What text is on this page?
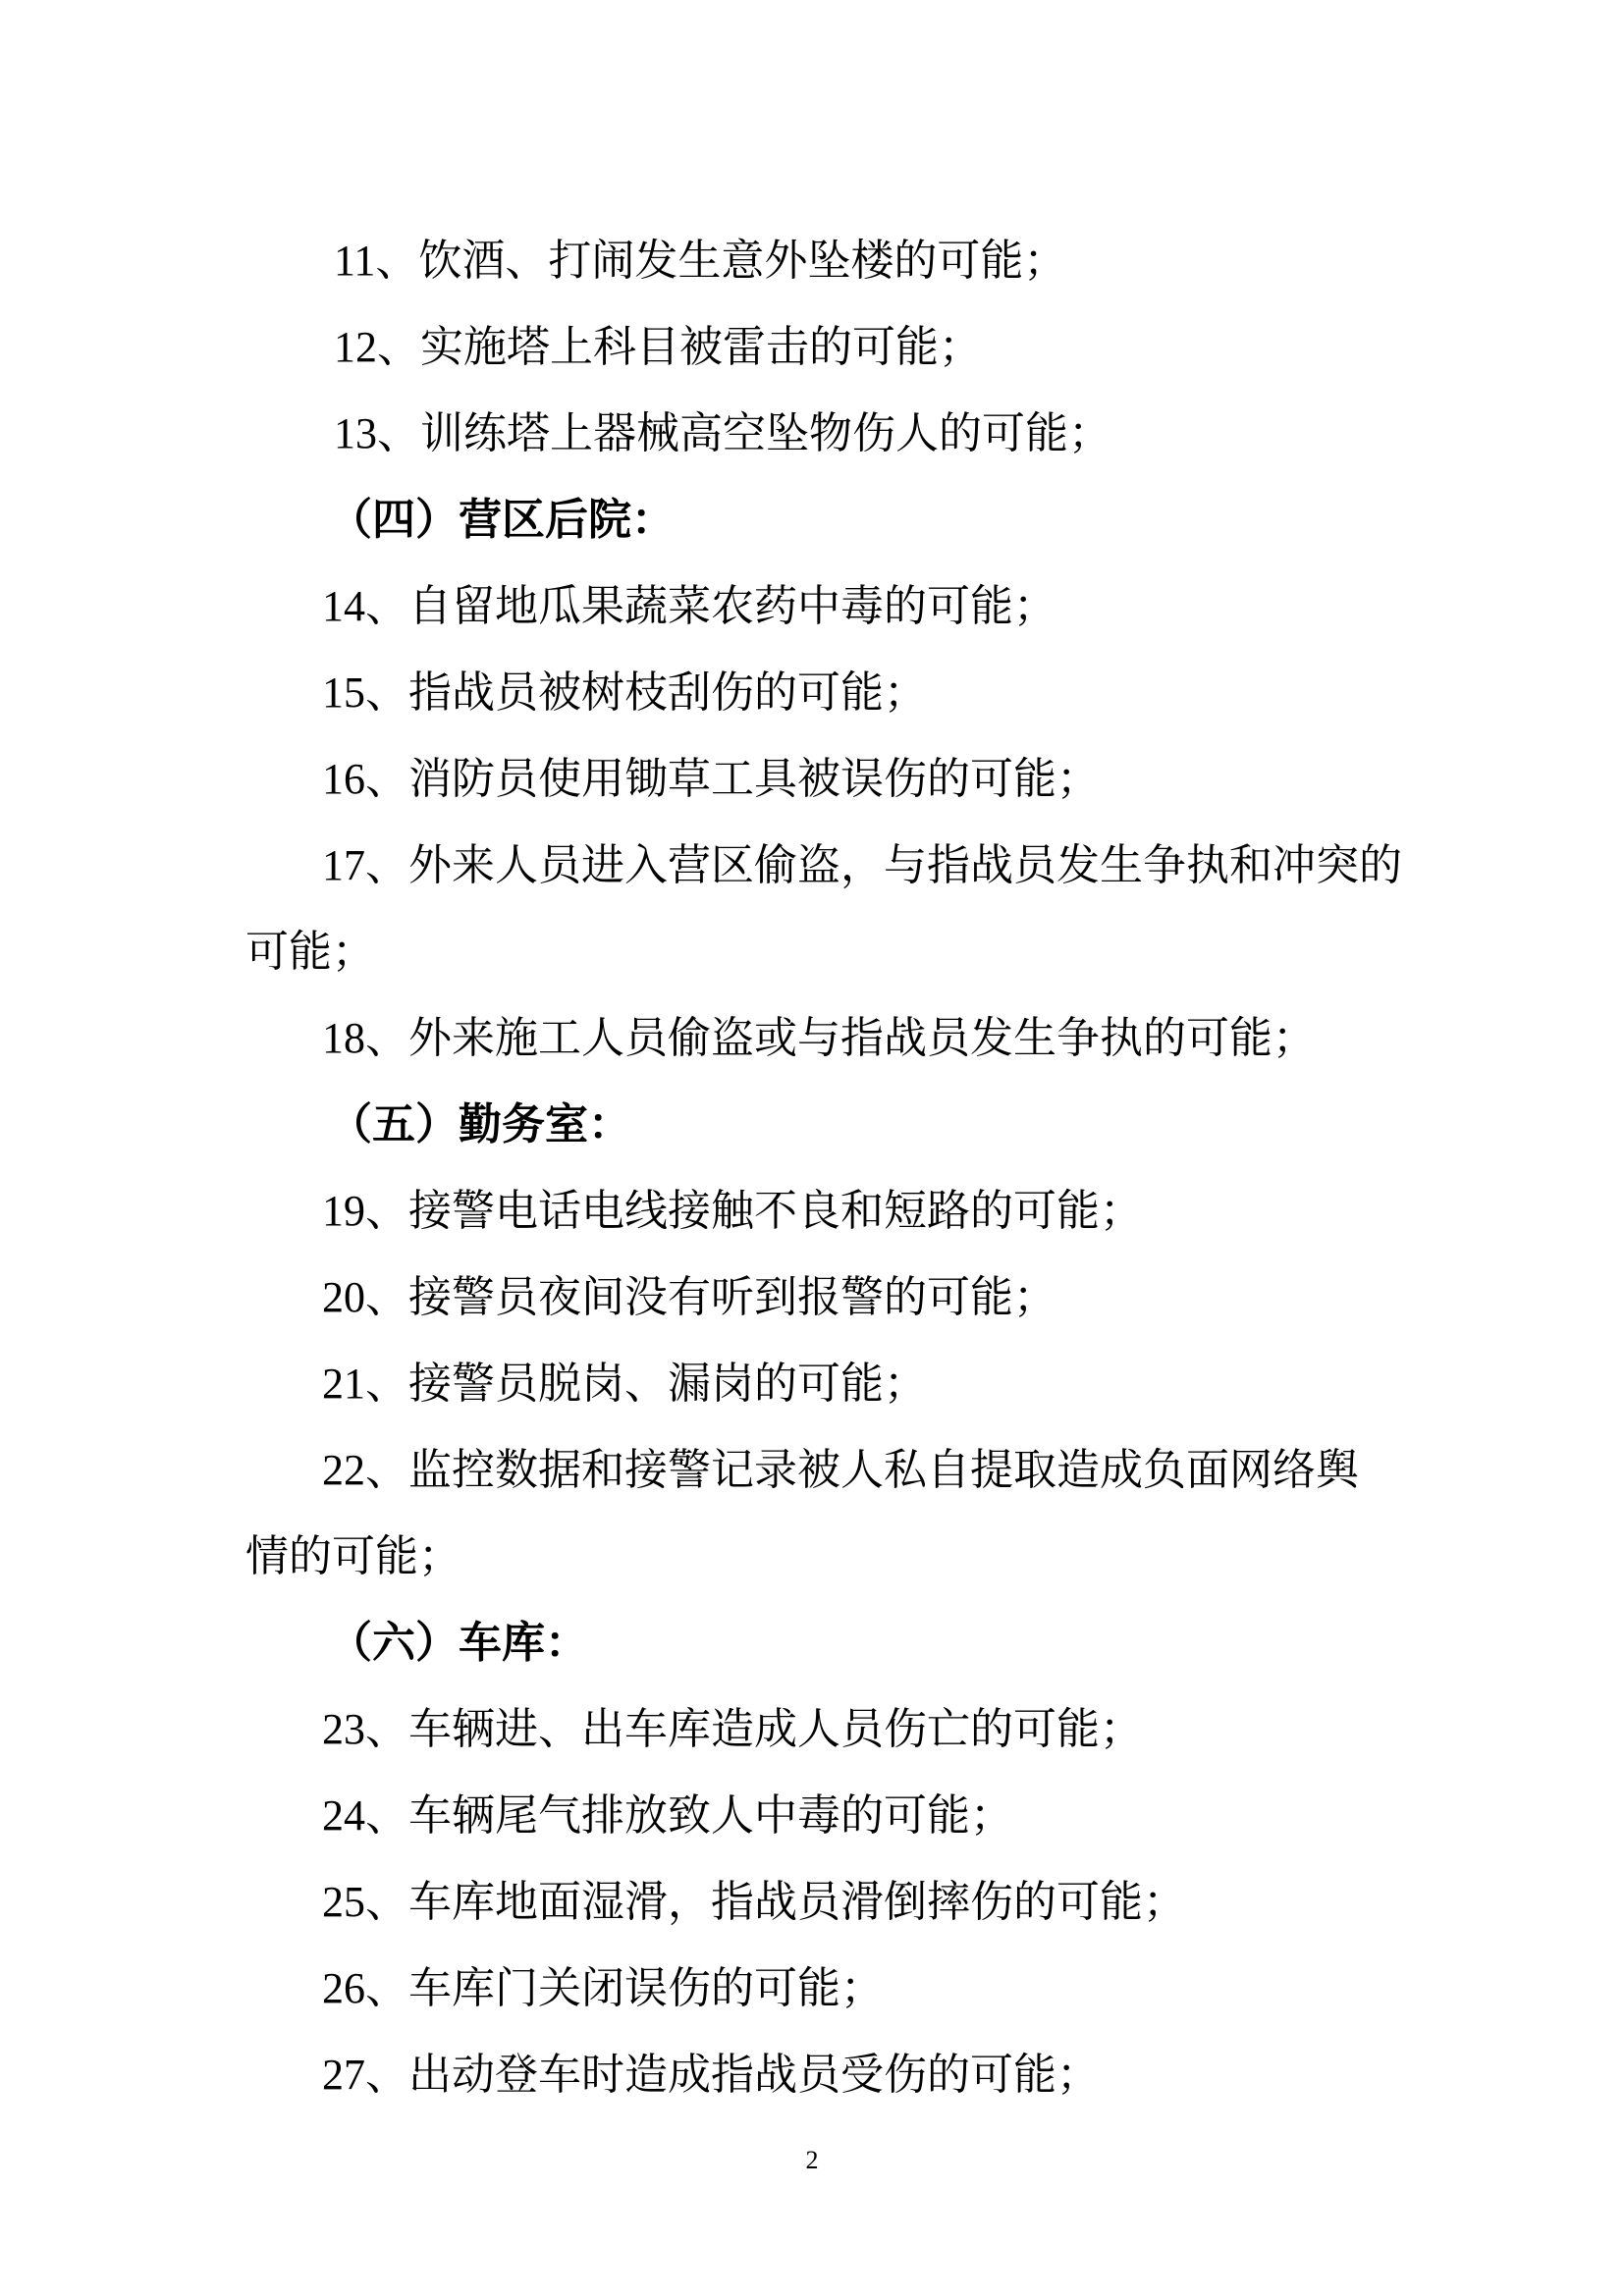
11、饮酒、打闹发生意外坠楼的可能；
12、实施塔上科目被雷击的可能；
13、训练塔上器械高空坠物伤人的可能；
（四）营区后院：
14、自留地瓜果蔬菜农药中毒的可能；
15、指战员被树枝刮伤的可能；
16、消防员使用锄草工具被误伤的可能；
17、外来人员进入营区偷盗，与指战员发生争执和冲突的
可能；
18、外来施工人员偷盗或与指战员发生争执的可能；
（五）勤务室：
19、接警电话电线接触不良和短路的可能；
20、接警员夜间没有听到报警的可能；
21、接警员脱岗、漏岗的可能；
22、监控数据和接警记录被人私自提取造成负面网络舆
情的可能；
（六）车库：
23、车辆进、出车库造成人员伤亡的可能；
24、车辆尾气排放致人中毒的可能；
25、车库地面湿滑，指战员滑倒摔伤的可能；
26、车库门关闭误伤的可能；
27、出动登车时造成指战员受伤的可能；
2
